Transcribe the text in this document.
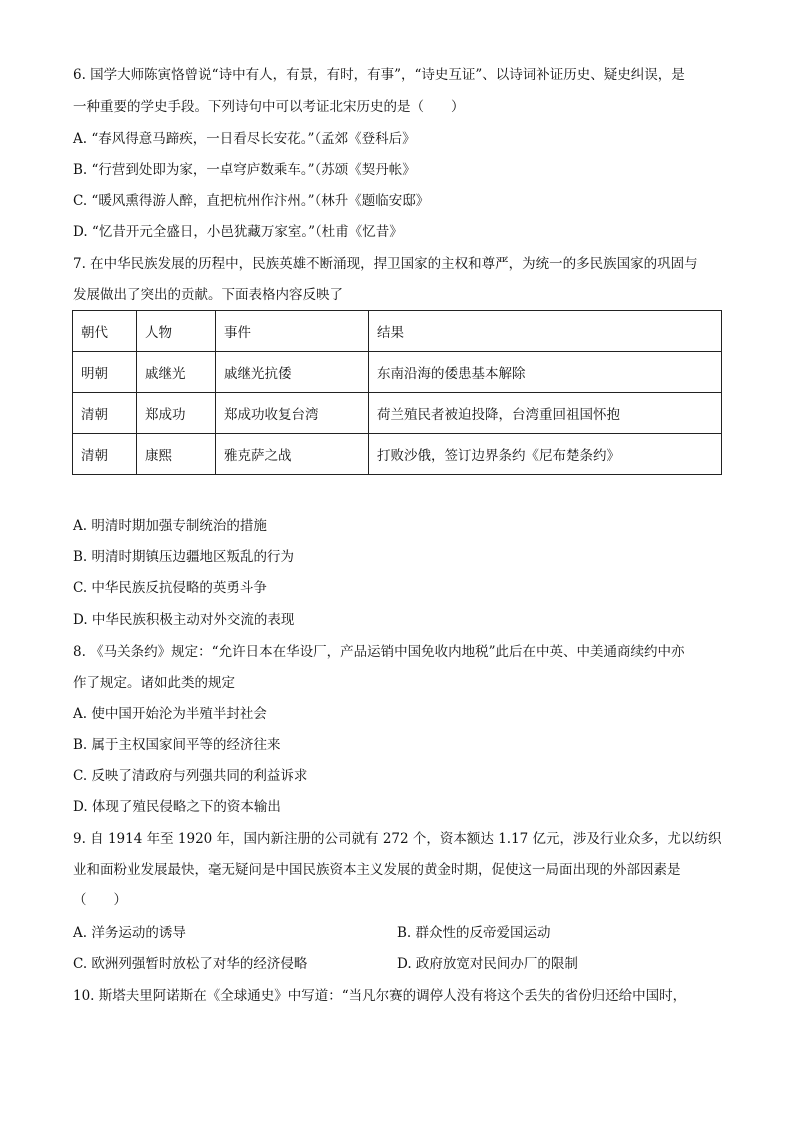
6. 国学大师陈寅恪曾说“诗中有人，有景，有时，有事”，“诗史互证”、以诗词补证历史、疑史纠误，是
一种重要的学史手段。下列诗句中可以考证北宋历史的是（　　）
A. “春风得意马蹄疾，一日看尽长安花。”（孟郊《登科后》
B. “行营到处即为家，一卓穹庐数乘车。”（苏颂《契丹帐》
C. “暖风熏得游人醉，直把杭州作汴州。”（林升《题临安邸》
D. “忆昔开元全盛日，小邑犹藏万家室。”（杜甫《忆昔》
7. 在中华民族发展的历程中，民族英雄不断涌现，捍卫国家的主权和尊严，为统一的多民族国家的巩固与
发展做出了突出的贡献。下面表格内容反映了
朝代	人物	事件	结果
明朝	戚继光	戚继光抗倭	东南沿海的倭患基本解除
清朝	郑成功	郑成功收复台湾	荷兰殖民者被迫投降，台湾重回祖国怀抱
清朝	康熙	雅克萨之战	打败沙俄，签订边界条约《尼布楚条约》
A. 明清时期加强专制统治的措施
B. 明清时期镇压边疆地区叛乱的行为
C. 中华民族反抗侵略的英勇斗争
D. 中华民族积极主动对外交流的表现
8. 《马关条约》规定：“允许日本在华设厂，产品运销中国免收内地税”此后在中英、中美通商续约中亦
作了规定。诸如此类的规定
A. 使中国开始沦为半殖半封社会
B. 属于主权国家间平等的经济往来
C. 反映了清政府与列强共同的利益诉求
D. 体现了殖民侵略之下的资本输出
9. 自 1914 年至 1920 年，国内新注册的公司就有 272 个，资本额达 1.17 亿元，涉及行业众多，尤以纺织
业和面粉业发展最快，毫无疑问是中国民族资本主义发展的黄金时期，促使这一局面出现的外部因素是
（　　）
A. 洋务运动的诱导	B. 群众性的反帝爱国运动
C. 欧洲列强暂时放松了对华的经济侵略	D. 政府放宽对民间办厂的限制
10. 斯塔夫里阿诺斯在《全球通史》中写道：“当凡尔赛的调停人没有将这个丢失的省份归还给中国时，
